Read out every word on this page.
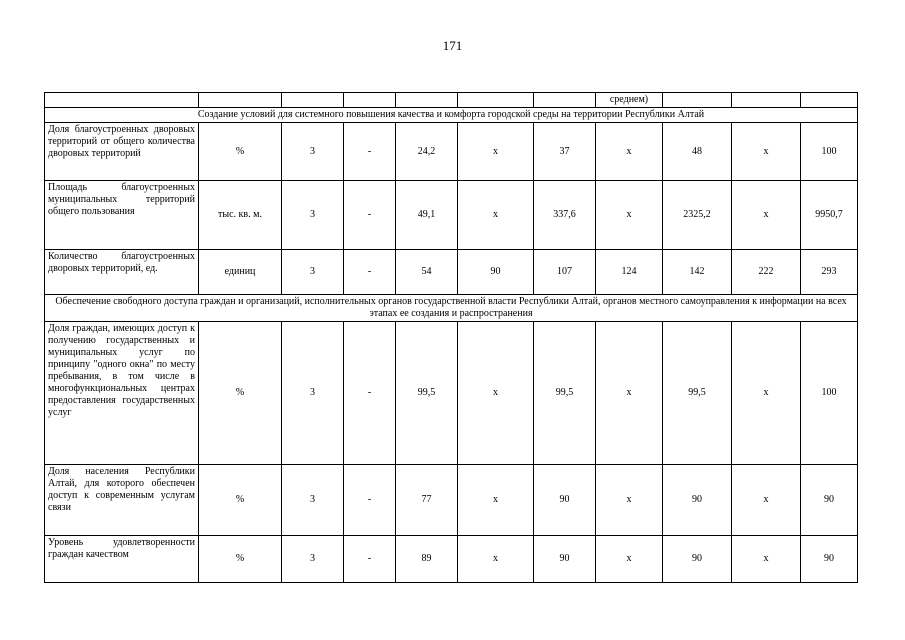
171
							среднем)			
Создание условий для системного повышения качества и комфорта городской среды на территории Республики Алтай										
Доля благоустроенных дворовых территорий от общего количества дворовых территорий	%	3	-	24,2	х	37	х	48	х	100
Площадь благоустроенных муниципальных территорий общего пользования	тыс. кв. м.	3	-	49,1	х	337,6	х	2325,2	х	9950,7
Количество благоустроенных дворовых территорий, ед.	единиц	3	-	54	90	107	124	142	222	293
Обеспечение свободного доступа граждан и организаций, исполнительных органов государственной власти Республики Алтай, органов местного самоуправления к информации на всех этапах ее создания и распространения										
Доля граждан, имеющих доступ к получению государственных и муниципальных услуг по принципу "одного окна" по месту пребывания, в том числе в многофункциональных центрах предоставления государственных услуг	%	3	-	99,5	х	99,5	х	99,5	х	100
Доля населения Республики Алтай, для которого обеспечен доступ к современным услугам связи	%	3	-	77	х	90	х	90	х	90
Уровень удовлетворенности граждан качеством	%	3	-	89	х	90	х	90	х	90
